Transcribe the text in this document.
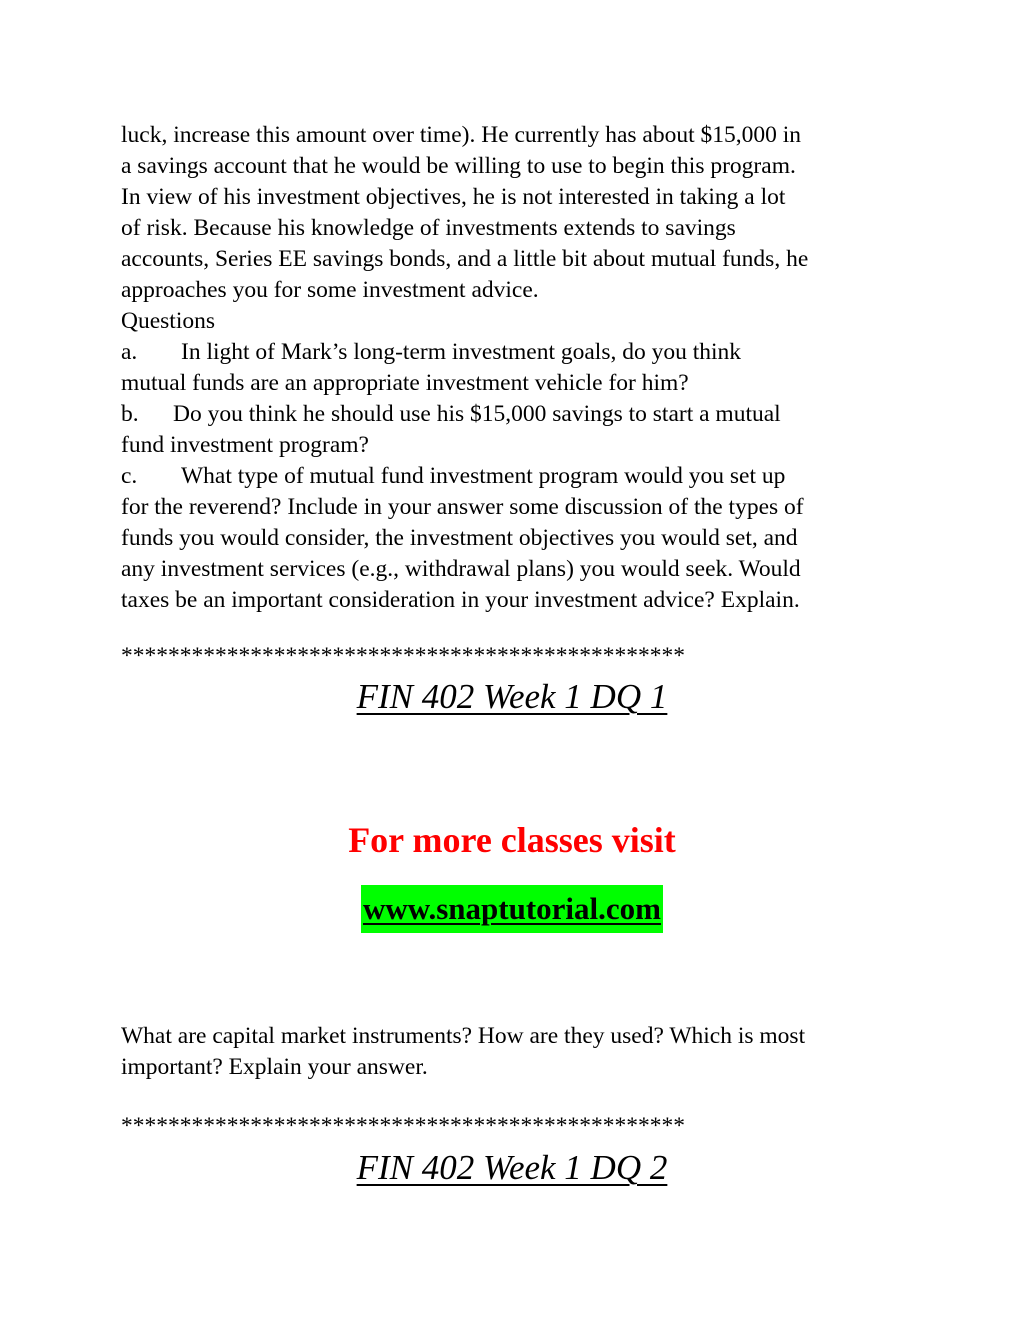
luck, increase this amount over time). He currently has about $15,000 in
a savings account that he would be willing to use to begin this program.
In view of his investment objectives, he is not interested in taking a lot
of risk. Because his knowledge of investments extends to savings
accounts, Series EE savings bonds, and a little bit about mutual funds, he
approaches you for some investment advice.
Questions
a. In light of Mark’s long-term investment goals, do you think
mutual funds are an appropriate investment vehicle for him?
b. Do you think he should use his $15,000 savings to start a mutual
fund investment program?
c. What type of mutual fund investment program would you set up
for the reverend? Include in your answer some discussion of the types of
funds you would consider, the investment objectives you would set, and
any investment services (e.g., withdrawal plans) you would seek. Would
taxes be an important consideration in your investment advice? Explain.
************************************************
FIN 402 Week 1 DQ 1
For more classes visit
www.snaptutorial.com
What are capital market instruments? How are they used? Which is most
important? Explain your answer.
************************************************
FIN 402 Week 1 DQ 2
